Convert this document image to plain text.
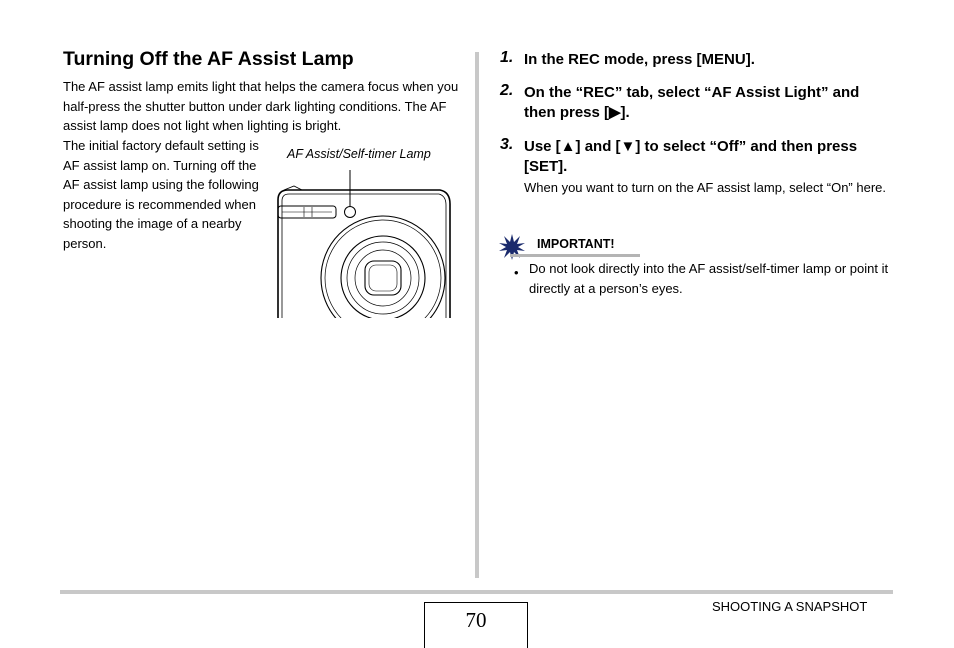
Turning Off the AF Assist Lamp

The AF assist lamp emits light that helps the camera focus when you half-press the shutter button under dark lighting conditions. The AF assist lamp does not light when lighting is bright.

The initial factory default setting is AF assist lamp on. Turning off the AF assist lamp using the following procedure is recommended when shooting the image of a nearby person.

AF Assist/Self-timer Lamp
1. In the REC mode, press [MENU].
2. On the “REC” tab, select “AF Assist Light” and then press [▶].
3. Use [▲] and [▼] to select “Off” and then press [SET].
When you want to turn on the AF assist lamp, select “On” here.
IMPORTANT!
• Do not look directly into the AF assist/self-timer lamp or point it directly at a person’s eyes.
70
SHOOTING A SNAPSHOT
